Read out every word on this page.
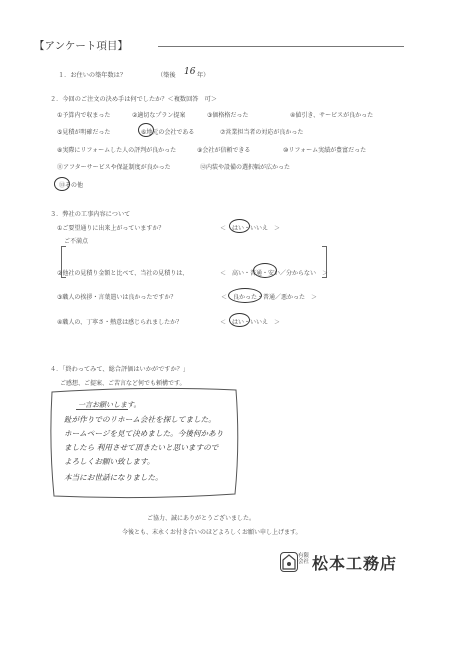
【アンケート項目】
１．お住いの築年数は？	（築後 16 年）
２．今回のご注文の決め手は何でしたか？＜複数回答　可＞
①予算内で収まった	②適切なプラン提案	③価格格だった	④値引き、サービスが良かった
⑤見積が明確だった	⑥地元の会社である	⑦営業担当者の対応が良かった
⑧実際にリフォームした人の評判が良かった	⑨会社が信頼できる	⑩リフォーム実績が豊富だった
⑪アフターサービスや保証制度が良かった	⑫内装や設備の選択幅が広かった
⑬その他
３．弊社の工事内容について
①ご要望通りに出来上がっていますか？	＜　はい・いいえ　＞
ご不満点
②他社の見積り金額と比べて、当社の見積りは、	＜　高い・普通・安い／分からない　＞
③職人の挨拶・言葉遣いは良かったですか？	＜　良かった・普通／悪かった　＞
④職人の、丁寧さ・熱意は感じられましたか？	＜　はい・いいえ　＞
４．「終わってみて、総合評価はいかがですか？」
ご感想、ご提案、ご苦言など何でも頼構です。
一言お願いします。
趾が作りでのリホーム会社を探してました。
ホームページを見て決めました。今後何かあり
ましたら 利用させて頂きたいと思いますので
よろしくお願い致します。
本当にお世話になりました。
ご協力、誠にありがとうございました。
今後とも、末永くお付き合いのほどよろしくお願い申し上げます。
有限会社 松本工務店
